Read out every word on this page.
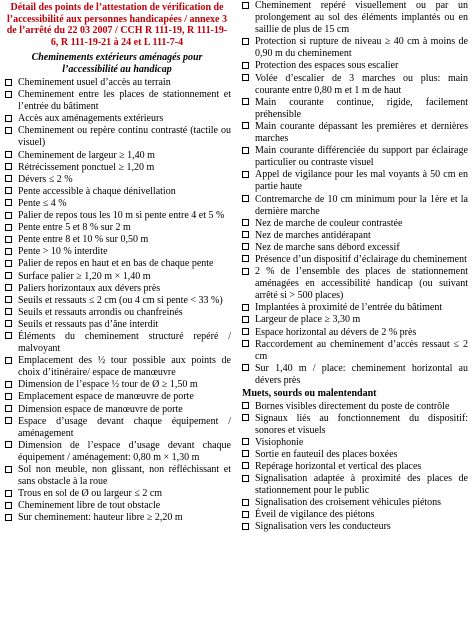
Détail des points de l’attestation de vérification de l’accessibilité aux personnes handicapées / annexe 3 de l’arrêté du 22 03 2007 / CCH R 111-19, R 111-19-6, R 111-19-21 à 24 et L 111-7-4
Cheminements extérieurs aménagés pour l’accessibilité au handicap
Cheminement usuel d’accès au terrain
Cheminement entre les places de stationnement et l’entrée du bâtiment
Accès aux aménagements extérieurs
Cheminement ou repère continu contrasté (tactile ou visuel)
Cheminement de largeur ≥ 1,40 m
Rétrécissement ponctuel ≥ 1,20 m
Dévers ≤ 2 %
Pente accessible à chaque dénivellation
Pente ≤ 4 %
Palier de repos tous les 10 m si pente entre 4 et 5 %
Pente entre 5 et 8 % sur 2 m
Pente entre 8 et 10 % sur 0,50 m
Pente > 10 % interdite
Palier de repos en haut et en bas de chaque pente
Surface palier ≥ 1,20 m × 1,40 m
Paliers horizontaux aux dévers près
Seuils et ressauts ≤ 2 cm (ou 4 cm si pente < 33 %)
Seuils et ressauts arrondis ou chanfreinés
Seuils et ressauts pas d’âne interdit
Éléments du cheminement structuré repéré / malvoyant
Emplacement des ½ tour possible aux points de choix d’itinéraire/ espace de manœuvre
Dimension de l’espace ½ tour de Ø ≥ 1,50 m
Emplacement espace de manœuvre de porte
Dimension espace de manœuvre de porte
Espace d’usage devant chaque équipement / aménagement
Dimension de l’espace d’usage devant chaque équipement / aménagement: 0,80 m × 1,30 m
Sol non meuble, non glissant, non réfléchissant et sans obstacle à la roue
Trous en sol de Ø ou largeur ≤ 2 cm
Cheminement libre de tout obstacle
Sur cheminement: hauteur libre ≥ 2,20 m
Cheminement repéré visuellement ou par un prolongement au sol des éléments implantés ou en saillie de plus de 15 cm
Protection si rupture de niveau ≥ 40 cm à moins de 0,90 m du cheminement
Protection des espaces sous escalier
Volée d’escalier de 3 marches ou plus: main courante entre 0,80 m et 1 m de haut
Main courante continue, rigide, facilement préhensible
Main courante dépassant les premières et dernières marches
Main courante différenciée du support par éclairage particulier ou contraste visuel
Appel de vigilance pour les mal voyants à 50 cm en partie haute
Contremarche de 10 cm minimum pour la 1ère et la dernière marche
Nez de marche de couleur contrastée
Nez de marches antidérapant
Nez de marche sans débord excessif
Présence d’un dispositif d’éclairage du cheminement
2 % de l’ensemble des places de stationnement aménagées en accessibilité handicap (ou suivant arrêté si > 500 places)
Implantées à proximité de l’entrée du bâtiment
Largeur de place ≥ 3,30 m
Espace horizontal au dévers de 2 % près
Raccordement au cheminement d’accès ressaut ≤ 2 cm
Sur 1,40 m / place: cheminement horizontal au dévers près
Muets, sourds ou malentendant
Bornes visibles directement du poste de contrôle
Signaux liés au fonctionnement du dispositif: sonores et visuels
Visiophonie
Sortie en fauteuil des places boxées
Repérage horizontal et vertical des places
Signalisation adaptée à proximité des places de stationnement pour le public
Signalisation des croisement véhicules piétons
Éveil de vigilance des piétons
Signalisation vers les conducteurs
